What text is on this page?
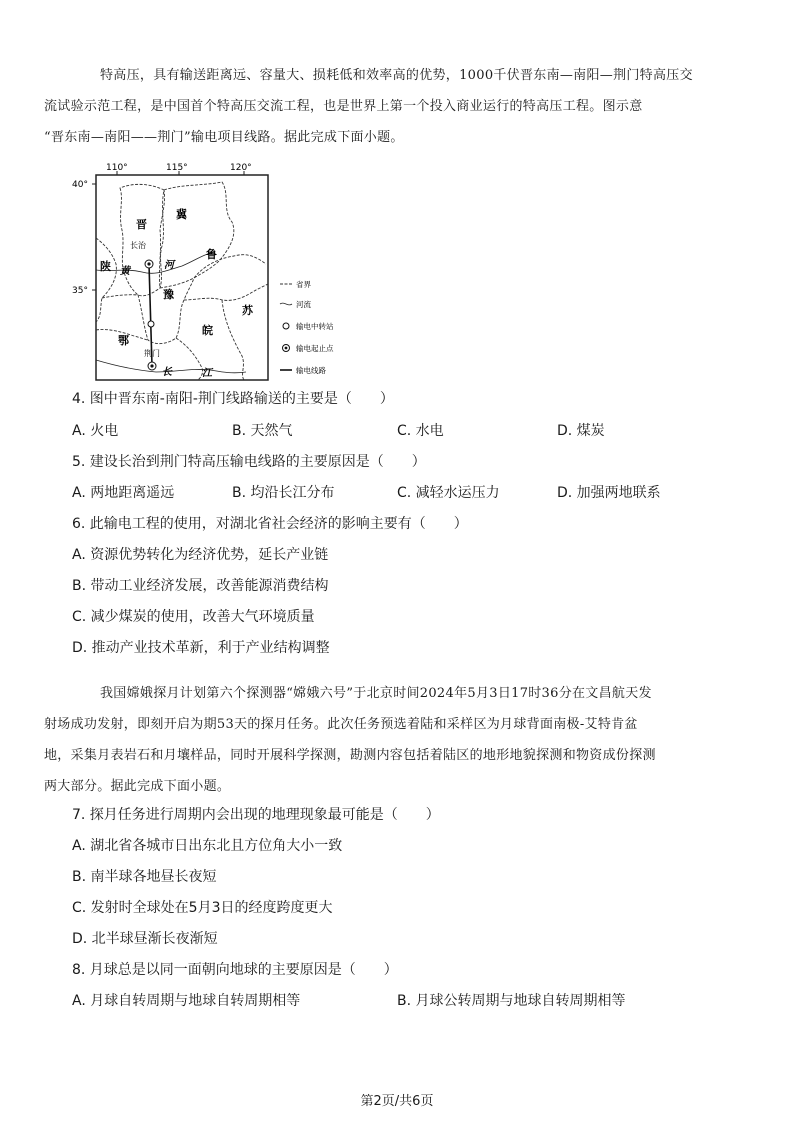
特高压，具有输送距离远、容量大、损耗低和效率高的优势，1000千伏晋东南—南阳—荆门特高压交
流试验示范工程，是中国首个特高压交流工程，也是世界上第一个投入商业运行的特高压工程。图示意
“晋东南—南阳——荆门”输电项目线路。据此完成下面小题。
110°	115°	120°
40°
35°
晋
冀
鲁
陕
豫
皖
苏
鄂
长治
荆门
黄
河
长	江
省界
河流
输电中转站
输电起止点
输电线路
4. 图中晋东南-南阳-荆门线路输送的主要是（　　）
A. 火电	B. 天然气	C. 水电	D. 煤炭
5. 建设长治到荆门特高压输电线路的主要原因是（　　）
A. 两地距离遥远	B. 均沿长江分布	C. 减轻水运压力	D. 加强两地联系
6. 此输电工程的使用，对湖北省社会经济的影响主要有（　　）
A. 资源优势转化为经济优势，延长产业链
B. 带动工业经济发展，改善能源消费结构
C. 减少煤炭的使用，改善大气环境质量
D. 推动产业技术革新，利于产业结构调整
我国嫦娥探月计划第六个探测器“嫦娥六号”于北京时间2024年5月3日17时36分在文昌航天发
射场成功发射，即刻开启为期53天的探月任务。此次任务预选着陆和采样区为月球背面南极-艾特肯盆
地，采集月表岩石和月壤样品，同时开展科学探测，勘测内容包括着陆区的地形地貌探测和物资成份探测
两大部分。据此完成下面小题。
7. 探月任务进行周期内会出现的地理现象最可能是（　　）
A. 湖北省各城市日出东北且方位角大小一致
B. 南半球各地昼长夜短
C. 发射时全球处在5月3日的经度跨度更大
D. 北半球昼渐长夜渐短
8. 月球总是以同一面朝向地球的主要原因是（　　）
A. 月球自转周期与地球自转周期相等	B. 月球公转周期与地球自转周期相等
第2页/共6页
